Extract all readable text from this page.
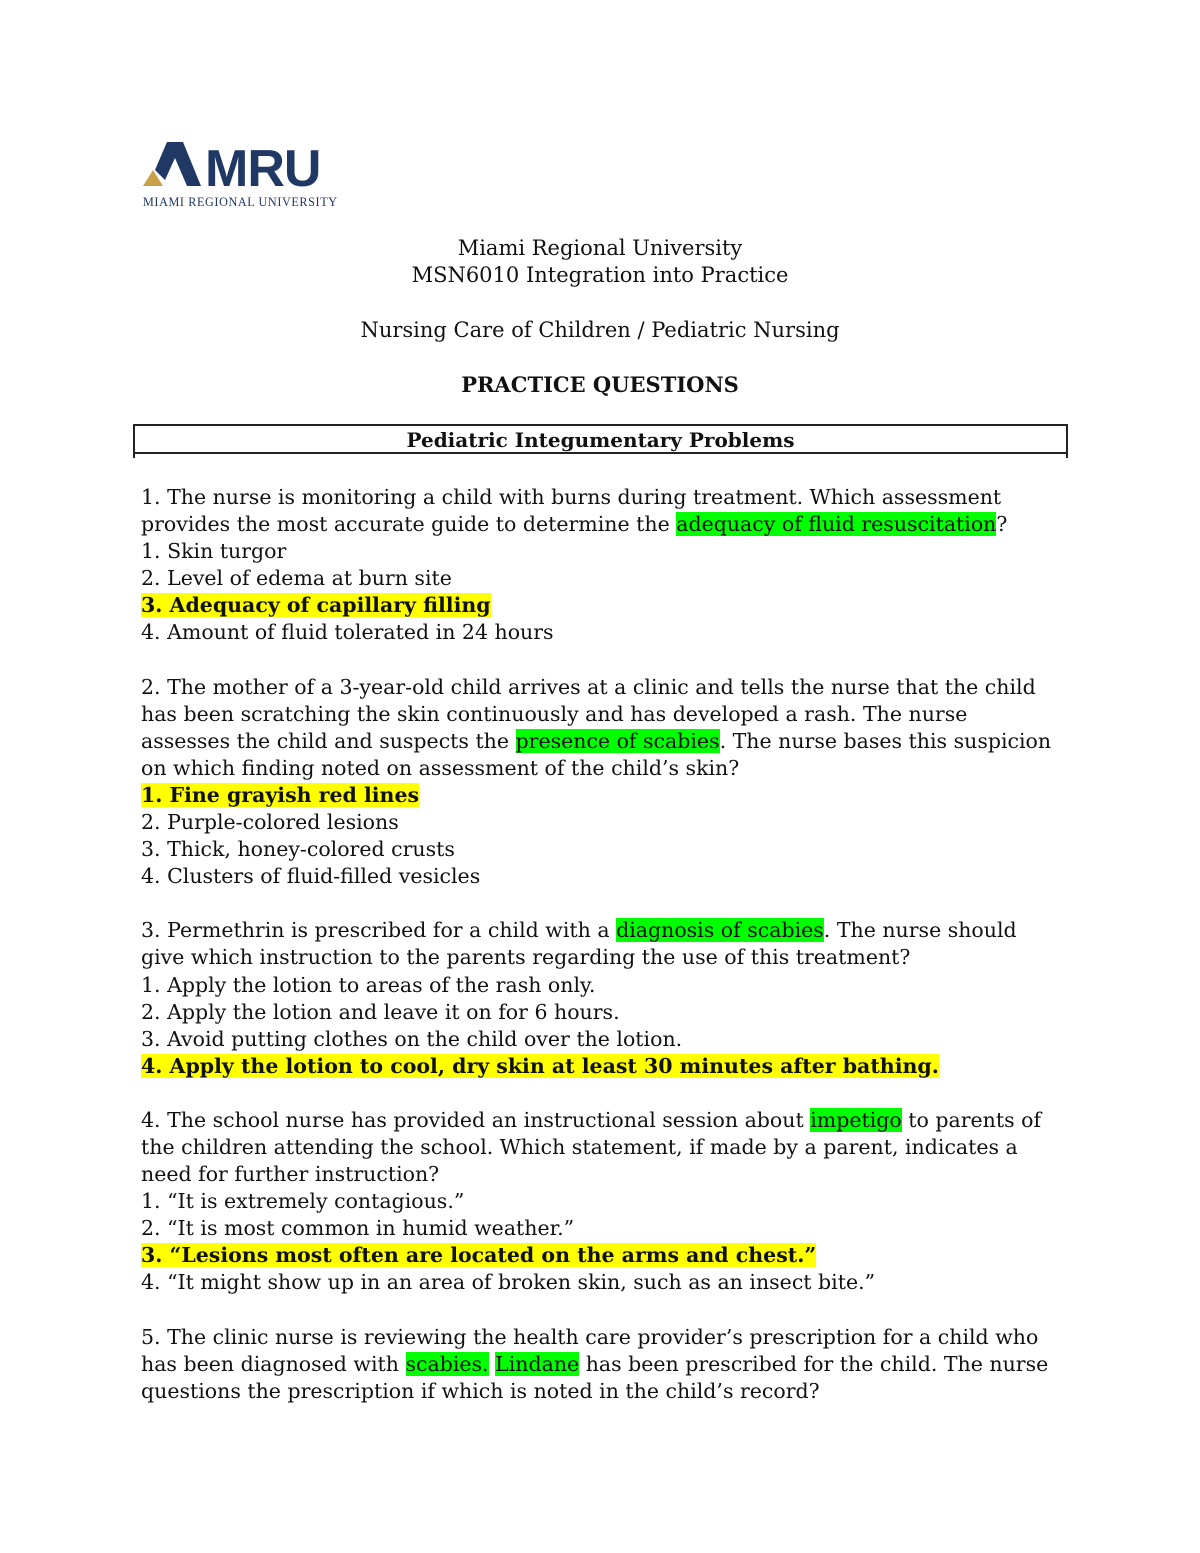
MRU
MIAMI REGIONAL UNIVERSITY
Miami Regional University
MSN6010 Integration into Practice
Nursing Care of Children / Pediatric Nursing
PRACTICE QUESTIONS
Pediatric Integumentary Problems

1. The nurse is monitoring a child with burns during treatment. Which assessment provides the most accurate guide to determine the adequacy of fluid resuscitation?

1. Skin turgor
2. Level of edema at burn site
3. Adequacy of capillary filling
4. Amount of fluid tolerated in 24 hours

2. The mother of a 3-year-old child arrives at a clinic and tells the nurse that the child has been scratching the skin continuously and has developed a rash. The nurse assesses the child and suspects the presence of scabies. The nurse bases this suspicion on which finding noted on assessment of the child’s skin?

1. Fine grayish red lines
2. Purple-colored lesions
3. Thick, honey-colored crusts
4. Clusters of fluid-filled vesicles

3. Permethrin is prescribed for a child with a diagnosis of scabies. The nurse should give which instruction to the parents regarding the use of this treatment?

1. Apply the lotion to areas of the rash only.
2. Apply the lotion and leave it on for 6 hours.
3. Avoid putting clothes on the child over the lotion.
4. Apply the lotion to cool, dry skin at least 30 minutes after bathing.

4. The school nurse has provided an instructional session about impetigo to parents of the children attending the school. Which statement, if made by a parent, indicates a need for further instruction?

1. “It is extremely contagious.”
2. “It is most common in humid weather.”
3. “Lesions most often are located on the arms and chest.”
4. “It might show up in an area of broken skin, such as an insect bite.”

5. The clinic nurse is reviewing the health care provider’s prescription for a child who has been diagnosed with scabies. Lindane has been prescribed for the child. The nurse questions the prescription if which is noted in the child’s record?
